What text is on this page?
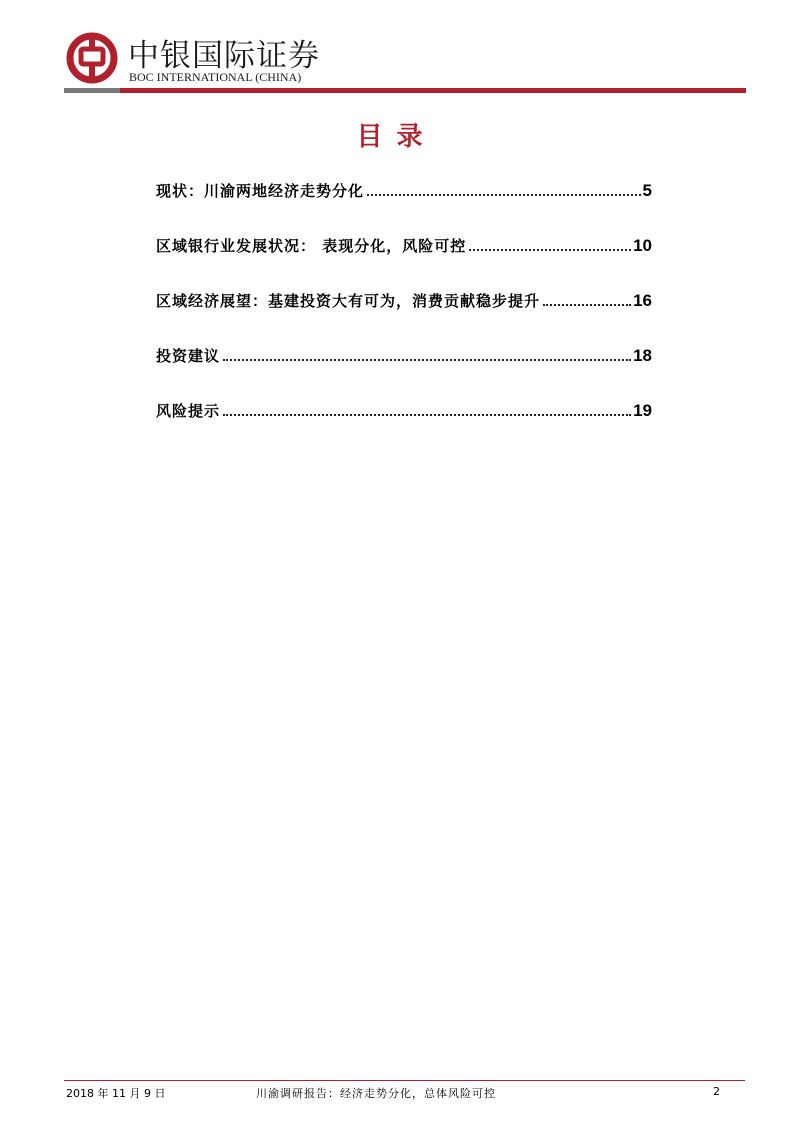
中银国际证券
BOC INTERNATIONAL (CHINA)
目录
现状：川渝两地经济走势分化	5
区域银行业发展状况： 表现分化，风险可控	10
区域经济展望：基建投资大有可为，消费贡献稳步提升	16
投资建议	18
风险提示	19
2018 年 11 月 9 日	川渝调研报告：经济走势分化，总体风险可控	2
